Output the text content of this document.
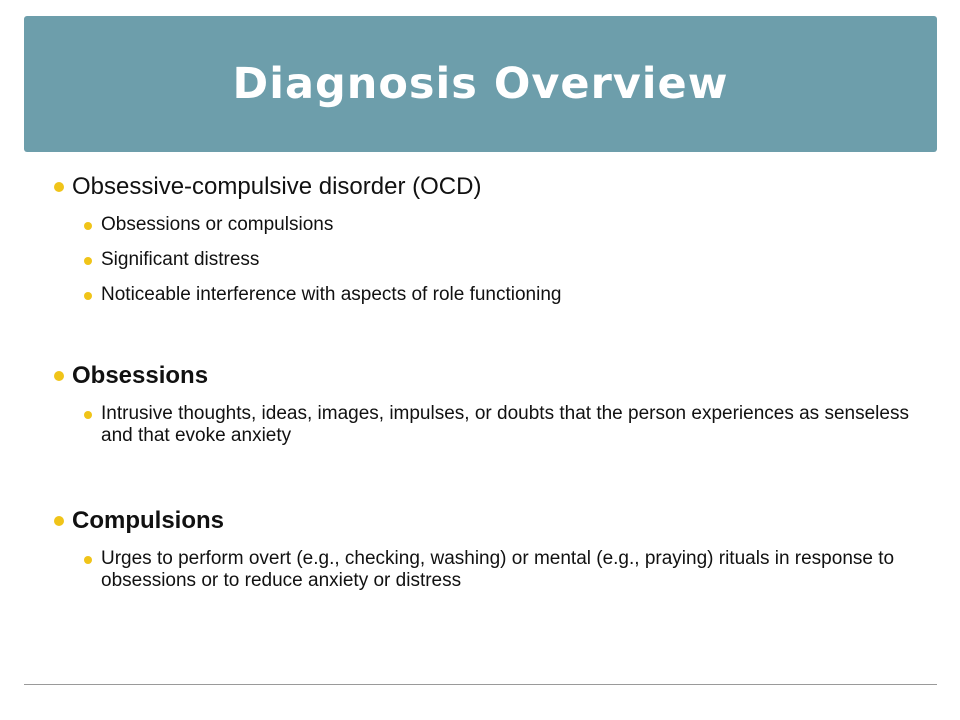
Diagnosis Overview
Obsessive-compulsive disorder (OCD)
Obsessions or compulsions
Significant distress
Noticeable interference with aspects of role functioning
Obsessions
Intrusive thoughts, ideas, images, impulses, or doubts that the person experiences as senseless and that evoke anxiety
Compulsions
Urges to perform overt (e.g., checking, washing) or mental (e.g., praying) rituals in response to obsessions or to reduce anxiety or distress
